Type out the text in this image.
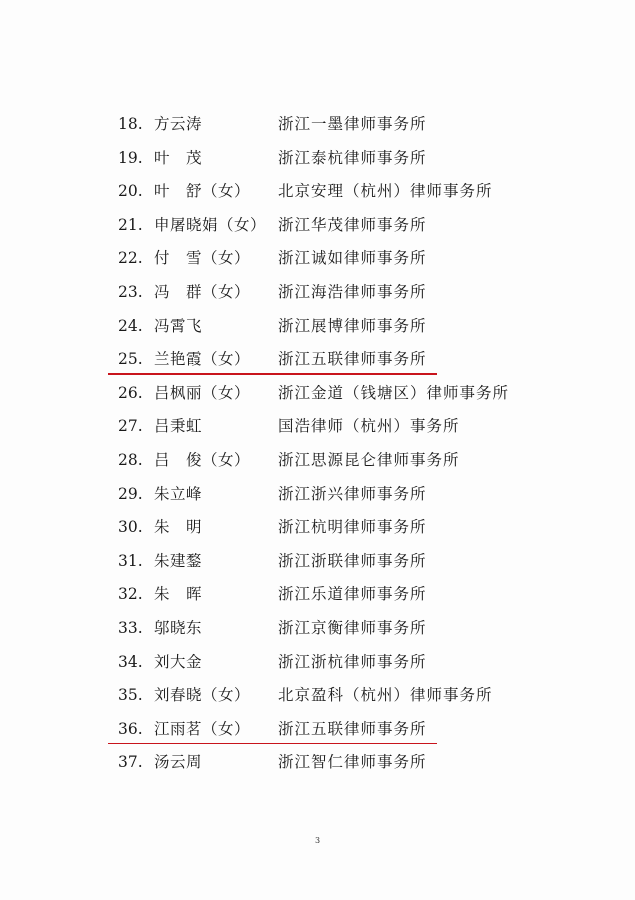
18. 方云涛	浙江一墨律师事务所
19. 叶　茂	浙江泰杭律师事务所
20. 叶　舒（女） 北京安理（杭州）律师事务所
21. 申屠晓娟（女） 浙江华茂律师事务所
22. 付　雪（女） 浙江诚如律师事务所
23. 冯　群（女） 浙江海浩律师事务所
24. 冯霄飞	浙江展博律师事务所
25. 兰艳霞（女） 浙江五联律师事务所
26. 吕枫丽（女） 浙江金道（钱塘区）律师事务所
27. 吕秉虹	国浩律师（杭州）事务所
28. 吕　俊（女） 浙江思源昆仑律师事务所
29. 朱立峰	浙江浙兴律师事务所
30. 朱　明	浙江杭明律师事务所
31. 朱建鍪	浙江浙联律师事务所
32. 朱　晖	浙江乐道律师事务所
33. 邬晓东	浙江京衡律师事务所
34. 刘大金	浙江浙杭律师事务所
35. 刘春晓（女） 北京盈科（杭州）律师事务所
36. 江雨茗（女） 浙江五联律师事务所
37. 汤云周	浙江智仁律师事务所
3
